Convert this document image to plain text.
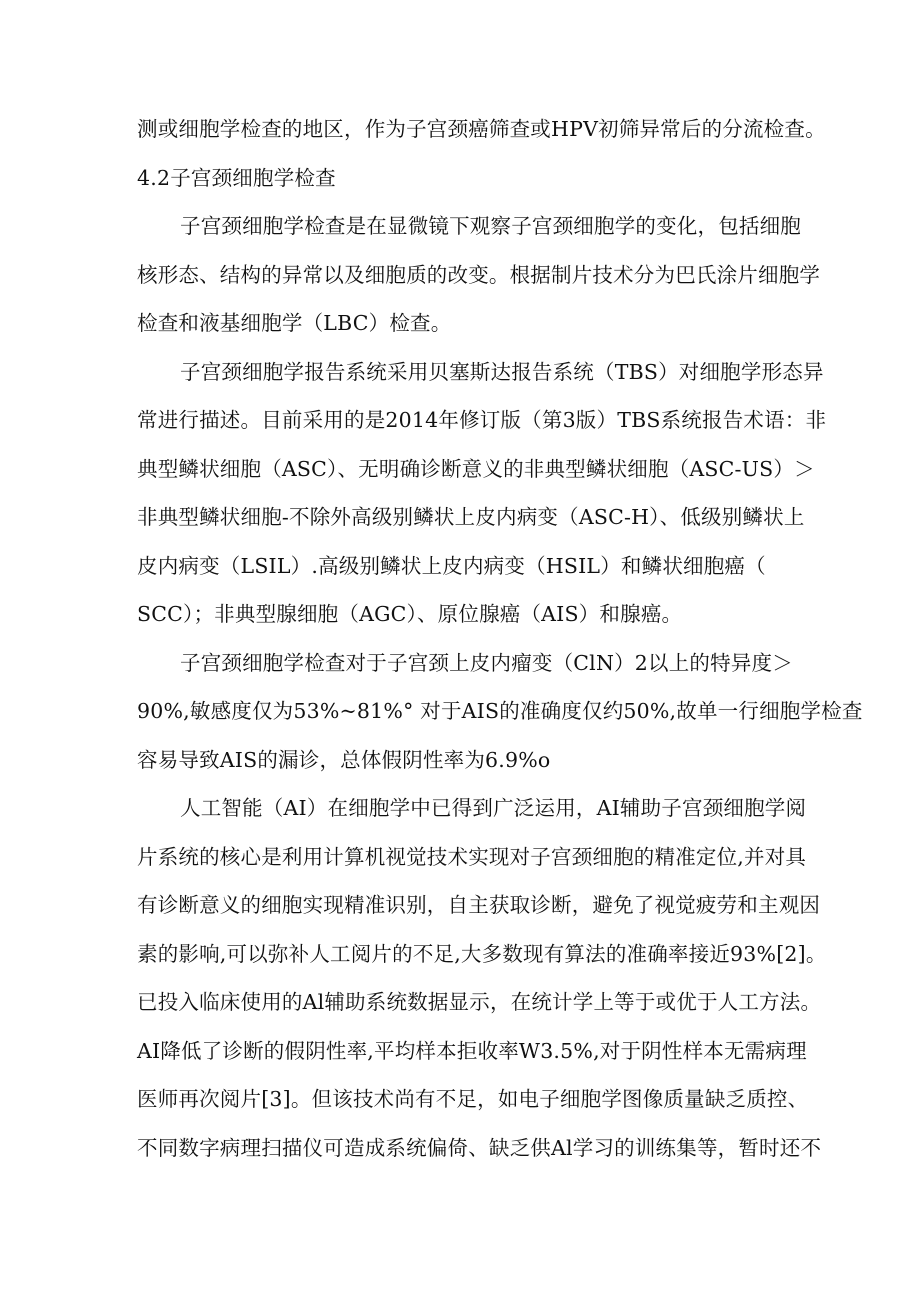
测或细胞学检查的地区，作为子宫颈癌筛查或HPV初筛异常后的分流检查。
4.2子宫颈细胞学检查
子宫颈细胞学检查是在显微镜下观察子宫颈细胞学的变化，包括细胞
核形态、结构的异常以及细胞质的改变。根据制片技术分为巴氏涂片细胞学
检查和液基细胞学（LBC）检查。
子宫颈细胞学报告系统采用贝塞斯达报告系统（TBS）对细胞学形态异
常进行描述。目前采用的是2014年修订版（第3版）TBS系统报告术语：非
典型鳞状细胞（ASC）、无明确诊断意义的非典型鳞状细胞（ASC-US）＞
非典型鳞状细胞-不除外高级别鳞状上皮内病变（ASC-H）、低级别鳞状上
皮内病变（LSIL）.高级别鳞状上皮内病变（HSIL）和鳞状细胞癌（
SCC）；非典型腺细胞（AGC）、原位腺癌（AIS）和腺癌。
子宫颈细胞学检查对于子宫颈上皮内瘤变（ClN）2以上的特异度＞
90%,敏感度仅为53%~81%° 对于AIS的准确度仅约50%,故单一行细胞学检查
容易导致AIS的漏诊，总体假阴性率为6.9%o
人工智能（AI）在细胞学中已得到广泛运用，AI辅助子宫颈细胞学阅
片系统的核心是利用计算机视觉技术实现对子宫颈细胞的精准定位,并对具
有诊断意义的细胞实现精准识别，自主获取诊断，避免了视觉疲劳和主观因
素的影响,可以弥补人工阅片的不足,大多数现有算法的准确率接近93%[2]。
已投入临床使用的Al辅助系统数据显示，在统计学上等于或优于人工方法。
AI降低了诊断的假阴性率,平均样本拒收率W3.5%,对于阴性样本无需病理
医师再次阅片[3]。但该技术尚有不足，如电子细胞学图像质量缺乏质控、
不同数字病理扫描仪可造成系统偏倚、缺乏供Al学习的训练集等，暂时还不
